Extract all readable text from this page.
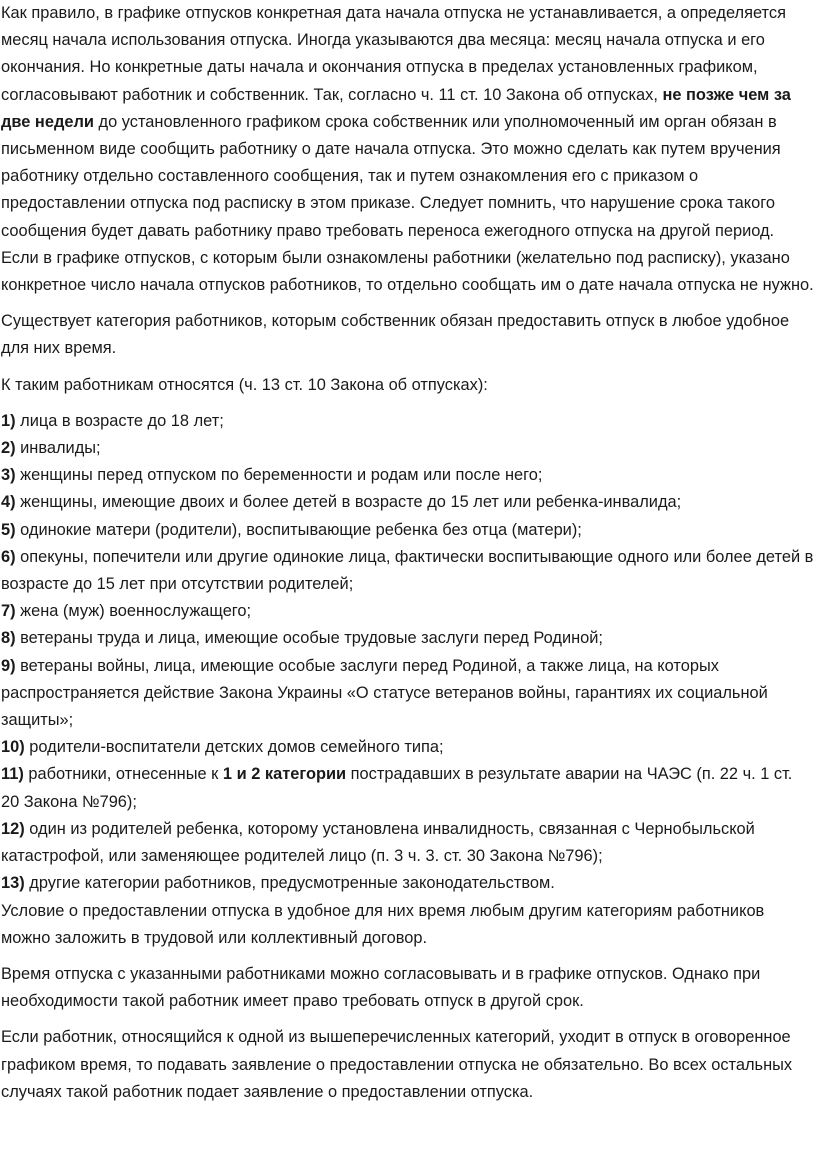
Как правило, в графике отпусков конкретная дата начала отпуска не устанавливается, а определяется месяц начала использования отпуска. Иногда указываются два месяца: месяц начала отпуска и его окончания. Но конкретные даты начала и окончания отпуска в пределах установленных графиком, согласовывают работник и собственник. Так, согласно ч. 11 ст. 10 Закона об отпусках, не позже чем за две недели до установленного графиком срока собственник или уполномоченный им орган обязан в письменном виде сообщить работнику о дате начала отпуска. Это можно сделать как путем вручения работнику отдельно составленного сообщения, так и путем ознакомления его с приказом о предоставлении отпуска под расписку в этом приказе. Следует помнить, что нарушение срока такого сообщения будет давать работнику право требовать переноса ежегодного отпуска на другой период.

Если в графике отпусков, с которым были ознакомлены работники (желательно под расписку), указано конкретное число начала отпусков работников, то отдельно сообщать им о дате начала отпуска не нужно.

Существует категория работников, которым собственник обязан предоставить отпуск в любое удобное для них время.

К таким работникам относятся (ч. 13 ст. 10 Закона об отпусках):

1) лица в возрасте до 18 лет;

2) инвалиды;

3) женщины перед отпуском по беременности и родам или после него;

4) женщины, имеющие двоих и более детей в возрасте до 15 лет или ребенка-инвалида;

5) одинокие матери (родители), воспитывающие ребенка без отца (матери);

6) опекуны, попечители или другие одинокие лица, фактически воспитывающие одного или более детей в возрасте до 15 лет при отсутствии родителей;

7) жена (муж) военнослужащего;

8) ветераны труда и лица, имеющие особые трудовые заслуги перед Родиной;

9) ветераны войны, лица, имеющие особые заслуги перед Родиной, а также лица, на которых распространяется действие Закона Украины «О статусе ветеранов войны, гарантиях их социальной защиты»;

10) родители-воспитатели детских домов семейного типа;

11) работники, отнесенные к 1 и 2 категории пострадавших в результате аварии на ЧАЭС (п. 22 ч. 1 ст. 20 Закона №796);

12) один из родителей ребенка, которому установлена инвалидность, связанная с Чернобыльской катастрофой, или заменяющее родителей лицо (п. 3 ч. 3. ст. 30 Закона №796);

13) другие категории работников, предусмотренные законодательством.

Условие о предоставлении отпуска в удобное для них время любым другим категориям работников можно заложить в трудовой или коллективный договор.

Время отпуска с указанными работниками можно согласовывать и в графике отпусков. Однако при необходимости такой работник имеет право требовать отпуск в другой срок.

Если работник, относящийся к одной из вышеперечисленных категорий, уходит в отпуск в оговоренное графиком время, то подавать заявление о предоставлении отпуска не обязательно. Во всех остальных случаях такой работник подает заявление о предоставлении отпуска.
